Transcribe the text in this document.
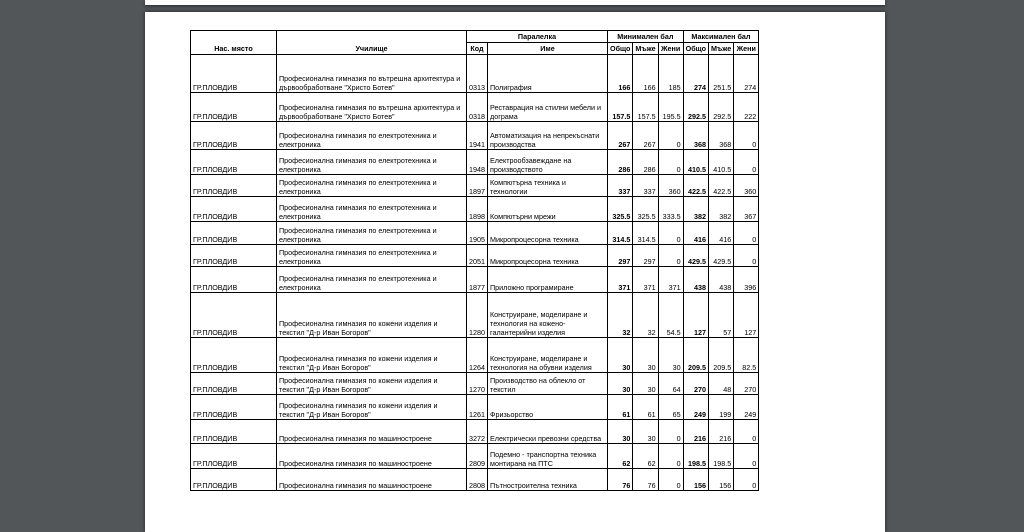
		Паралелка		Минимален бал			Максимален бал		
Нас. място	Училище	Код	Име	Общо	Мъже	Жени	Общо	Мъже	Жени
ГР.ПЛОВДИВ	Професионална гимназия по вътрешна архитектура и дървообработване "Христо Ботев"	0313	Полиграфия	166	166	185	274	251.5	274
ГР.ПЛОВДИВ	Професионална гимназия по вътрешна архитектура и дървообработване "Христо Ботев"	0318	Реставрация на стилни мебели и дограма	157.5	157.5	195.5	292.5	292.5	222
ГР.ПЛОВДИВ	Професионална гимназия по електротехника и електроника	1941	Автоматизация на непрекъснати производства	267	267	0	368	368	0
ГР.ПЛОВДИВ	Професионална гимназия по електротехника и електроника	1948	Електрообзавеждане на производството	286	286	0	410.5	410.5	0
ГР.ПЛОВДИВ	Професионална гимназия по електротехника и електроника	1897	Компютърна техника и технологии	337	337	360	422.5	422.5	360
ГР.ПЛОВДИВ	Професионална гимназия по електротехника и електроника	1898	Компютърни мрежи	325.5	325.5	333.5	382	382	367
ГР.ПЛОВДИВ	Професионална гимназия по електротехника и електроника	1905	Микропроцесорна техника	314.5	314.5	0	416	416	0
ГР.ПЛОВДИВ	Професионална гимназия по електротехника и електроника	2051	Микропроцесорна техника	297	297	0	429.5	429.5	0
ГР.ПЛОВДИВ	Професионална гимназия по електротехника и електроника	1877	Приложно програмиране	371	371	371	438	438	396
ГР.ПЛОВДИВ	Професионална гимназия по кожени изделия и текстил "Д-р Иван Богоров"	1280	Конструиране, моделиране и технология на кожено-галантерийни изделия	32	32	54.5	127	57	127
ГР.ПЛОВДИВ	Професионална гимназия по кожени изделия и текстил "Д-р Иван Богоров"	1264	Конструиране, моделиране и технология на обувни изделия	30	30	30	209.5	209.5	82.5
ГР.ПЛОВДИВ	Професионална гимназия по кожени изделия и текстил "Д-р Иван Богоров"	1270	Производство на облекло от текстил	30	30	64	270	48	270
ГР.ПЛОВДИВ	Професионална гимназия по кожени изделия и текстил "Д-р Иван Богоров"	1261	Фризьорство	61	61	65	249	199	249
ГР.ПЛОВДИВ	Професионална гимназия по машиностроене	3272	Електрически превозни средства	30	30	0	216	216	0
ГР.ПЛОВДИВ	Професионална гимназия по машиностроене	2809	Подемно - транспортна техника монтирана на ПТС	62	62	0	198.5	198.5	0
ГР.ПЛОВДИВ	Професионална гимназия по машиностроене	2808	Пътностроителна техника	76	76	0	156	156	0
